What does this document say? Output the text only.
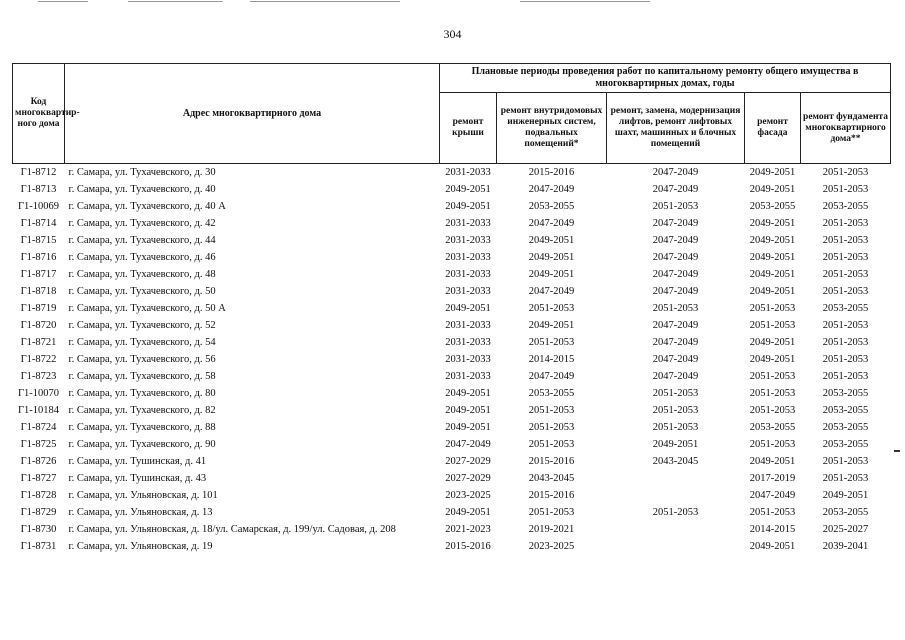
304
Код многоквартир-ного дома	Адрес многоквартирного дома	Плановые периоды проведения работ по капитальному ремонту общего имущества в многоквартирных домах, годы				
		ремонт крыши	ремонт внутридомовых инженерных систем, подвальных помещений*	ремонт, замена, модернизация лифтов, ремонт лифтовых шахт, машинных и блочных помещений	ремонт фасада	ремонт фундамента многоквартирного дома**
Г1-8712	г. Самара, ул. Тухачевского, д. 30	2031-2033	2015-2016	2047-2049	2049-2051	2051-2053
Г1-8713	г. Самара, ул. Тухачевского, д. 40	2049-2051	2047-2049	2047-2049	2049-2051	2051-2053
Г1-10069	г. Самара, ул. Тухачевского, д. 40 А	2049-2051	2053-2055	2051-2053	2053-2055	2053-2055
Г1-8714	г. Самара, ул. Тухачевского, д. 42	2031-2033	2047-2049	2047-2049	2049-2051	2051-2053
Г1-8715	г. Самара, ул. Тухачевского, д. 44	2031-2033	2049-2051	2047-2049	2049-2051	2051-2053
Г1-8716	г. Самара, ул. Тухачевского, д. 46	2031-2033	2049-2051	2047-2049	2049-2051	2051-2053
Г1-8717	г. Самара, ул. Тухачевского, д. 48	2031-2033	2049-2051	2047-2049	2049-2051	2051-2053
Г1-8718	г. Самара, ул. Тухачевского, д. 50	2031-2033	2047-2049	2047-2049	2049-2051	2051-2053
Г1-8719	г. Самара, ул. Тухачевского, д. 50 А	2049-2051	2051-2053	2051-2053	2051-2053	2053-2055
Г1-8720	г. Самара, ул. Тухачевского, д. 52	2031-2033	2049-2051	2047-2049	2051-2053	2051-2053
Г1-8721	г. Самара, ул. Тухачевского, д. 54	2031-2033	2051-2053	2047-2049	2049-2051	2051-2053
Г1-8722	г. Самара, ул. Тухачевского, д. 56	2031-2033	2014-2015	2047-2049	2049-2051	2051-2053
Г1-8723	г. Самара, ул. Тухачевского, д. 58	2031-2033	2047-2049	2047-2049	2051-2053	2051-2053
Г1-10070	г. Самара, ул. Тухачевского, д. 80	2049-2051	2053-2055	2051-2053	2051-2053	2053-2055
Г1-10184	г. Самара, ул. Тухачевского, д. 82	2049-2051	2051-2053	2051-2053	2051-2053	2053-2055
Г1-8724	г. Самара, ул. Тухачевского, д. 88	2049-2051	2051-2053	2051-2053	2053-2055	2053-2055
Г1-8725	г. Самара, ул. Тухачевского, д. 90	2047-2049	2051-2053	2049-2051	2051-2053	2053-2055
Г1-8726	г. Самара, ул. Тушинская, д. 41	2027-2029	2015-2016	2043-2045	2049-2051	2051-2053
Г1-8727	г. Самара, ул. Тушинская, д. 43	2027-2029	2043-2045		2017-2019	2051-2053
Г1-8728	г. Самара, ул. Ульяновская, д. 101	2023-2025	2015-2016		2047-2049	2049-2051
Г1-8729	г. Самара, ул. Ульяновская, д. 13	2049-2051	2051-2053	2051-2053	2051-2053	2053-2055
Г1-8730	г. Самара, ул. Ульяновская, д. 18/ул. Самарская, д. 199/ул. Садовая, д. 208	2021-2023	2019-2021		2014-2015	2025-2027
Г1-8731	г. Самара, ул. Ульяновская, д. 19	2015-2016	2023-2025		2049-2051	2039-2041
